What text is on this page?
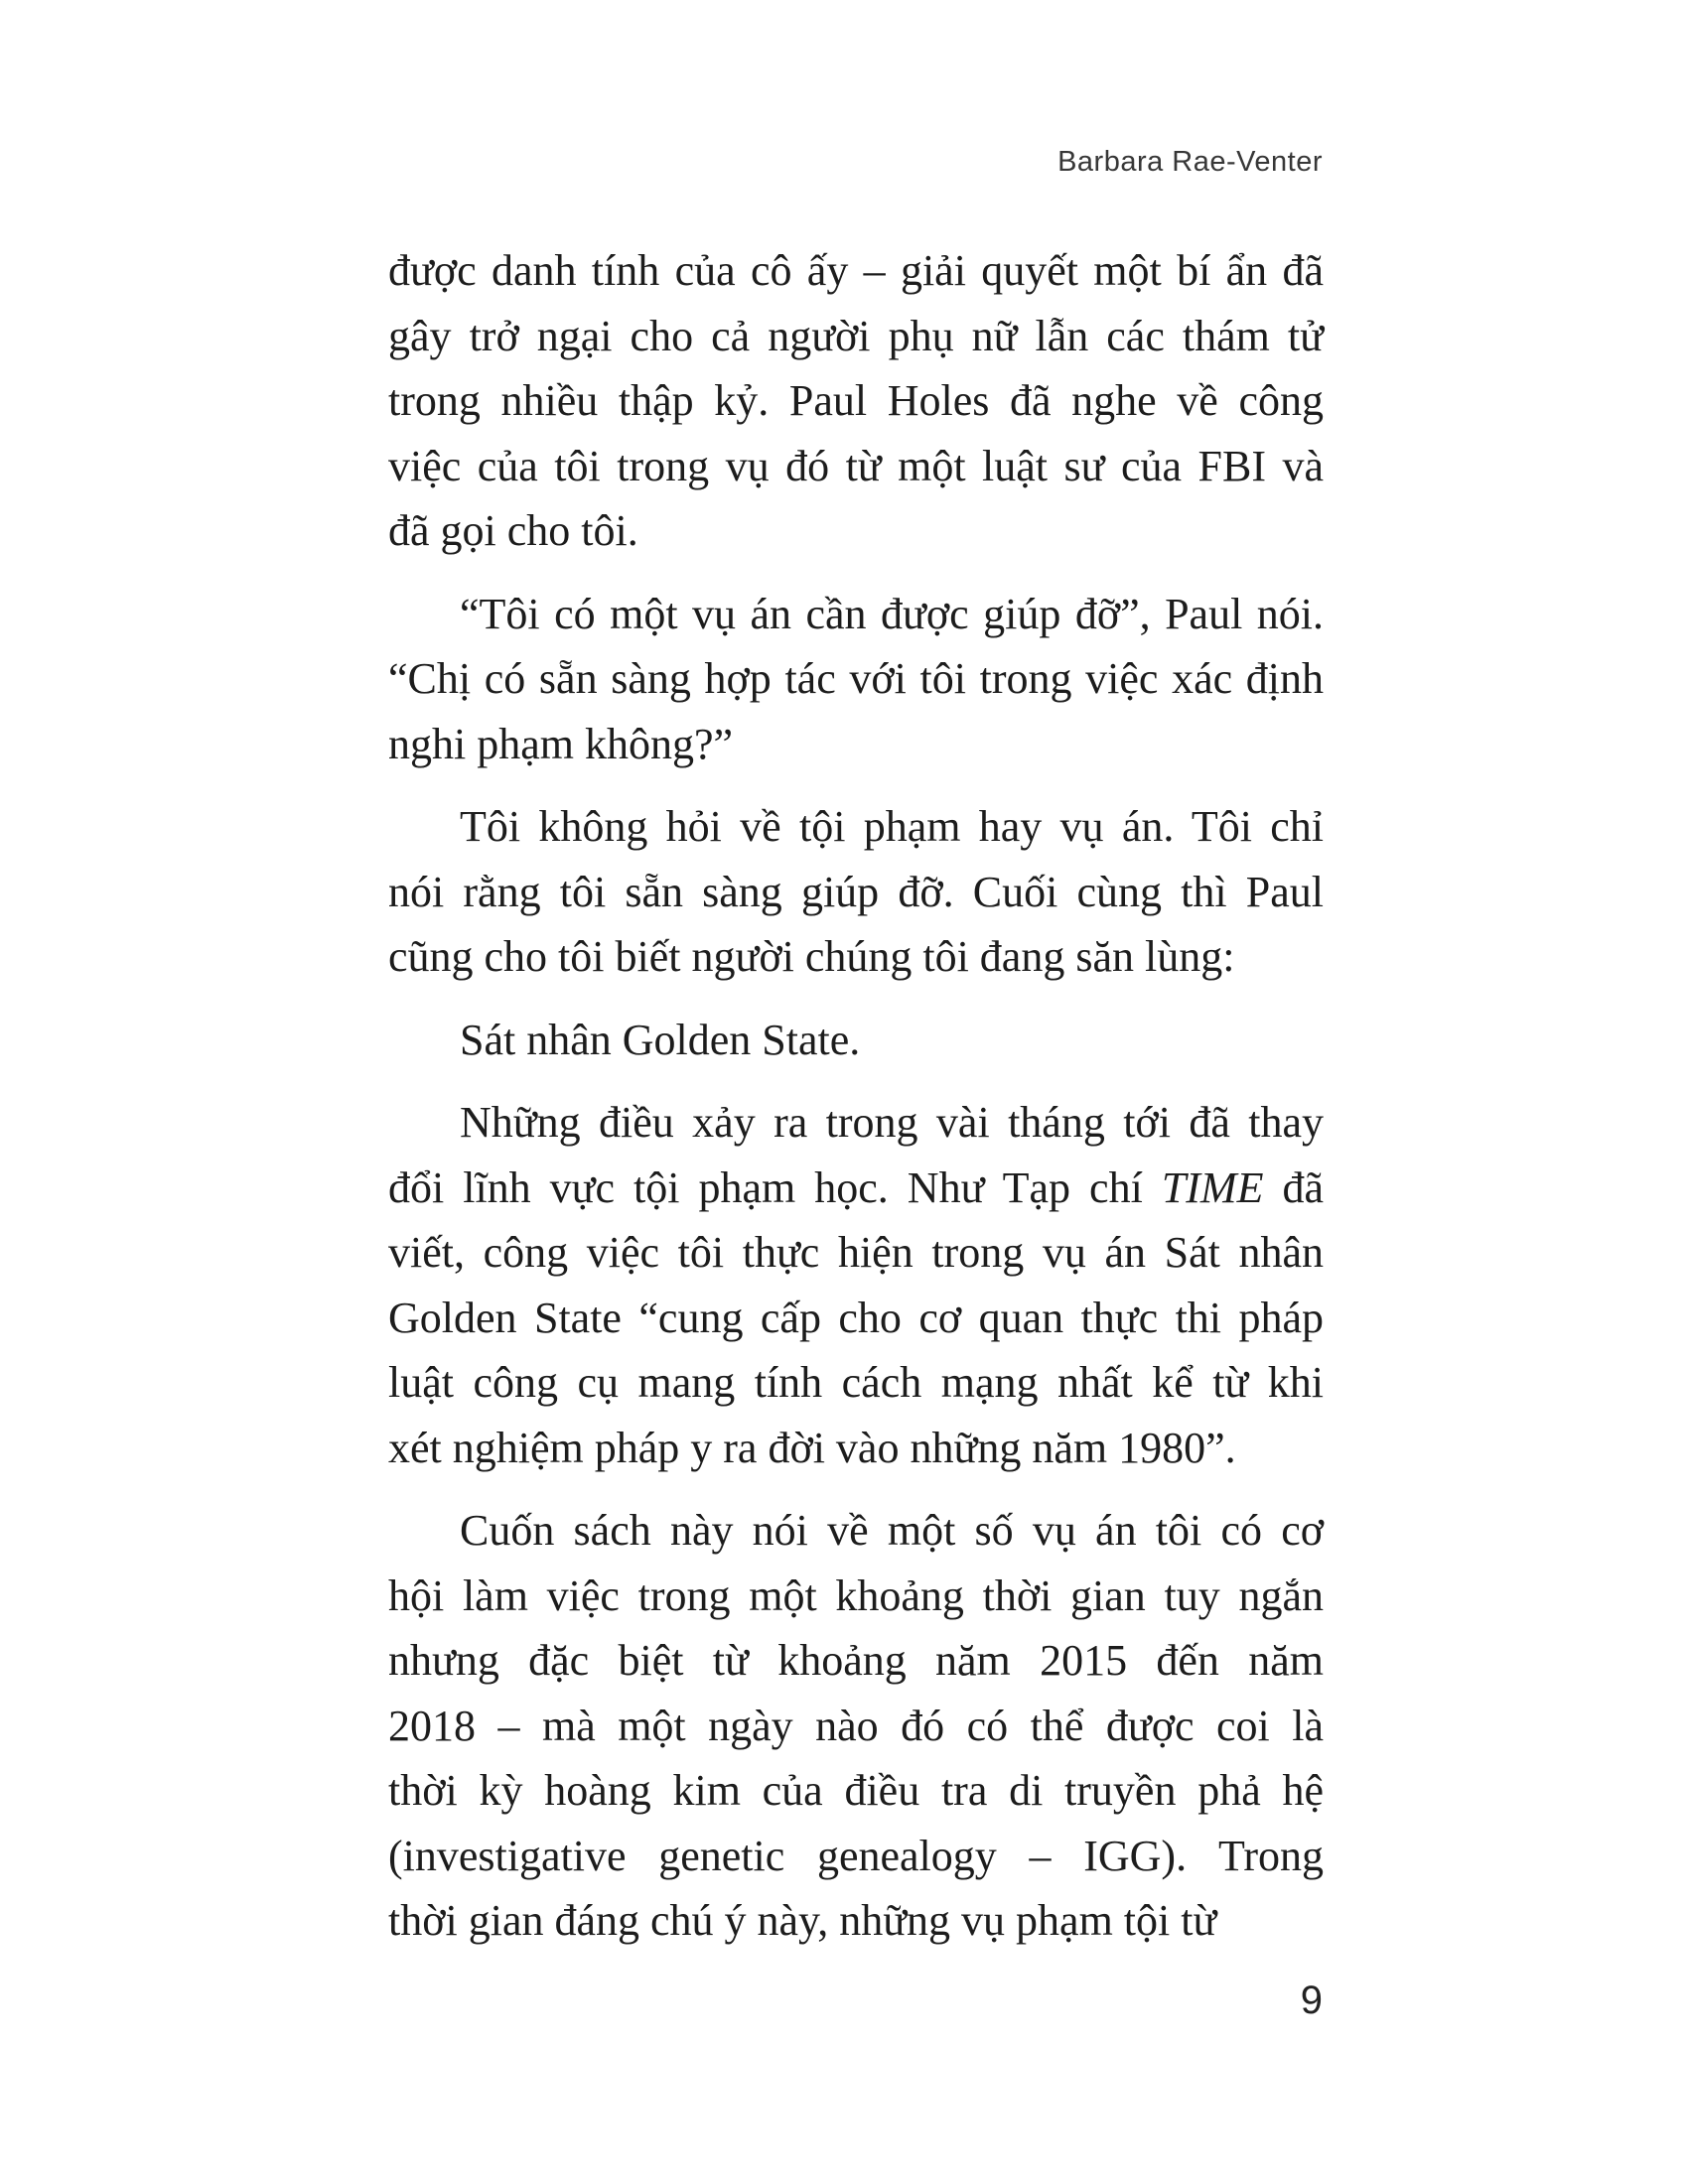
Barbara Rae-Venter
được danh tính của cô ấy – giải quyết một bí ẩn đã
gây trở ngại cho cả người phụ nữ lẫn các thám tử
trong nhiều thập kỷ. Paul Holes đã nghe về công
việc của tôi trong vụ đó từ một luật sư của FBI và
đã gọi cho tôi.
“Tôi có một vụ án cần được giúp đỡ”, Paul nói.
“Chị có sẵn sàng hợp tác với tôi trong việc xác định
nghi phạm không?”
Tôi không hỏi về tội phạm hay vụ án. Tôi chỉ
nói rằng tôi sẵn sàng giúp đỡ. Cuối cùng thì Paul
cũng cho tôi biết người chúng tôi đang săn lùng:
Sát nhân Golden State.
Những điều xảy ra trong vài tháng tới đã thay
đổi lĩnh vực tội phạm học. Như Tạp chí TIME đã
viết, công việc tôi thực hiện trong vụ án Sát nhân
Golden State “cung cấp cho cơ quan thực thi pháp
luật công cụ mang tính cách mạng nhất kể từ khi
xét nghiệm pháp y ra đời vào những năm 1980”.
Cuốn sách này nói về một số vụ án tôi có cơ
hội làm việc trong một khoảng thời gian tuy ngắn
nhưng đặc biệt từ khoảng năm 2015 đến năm
2018 – mà một ngày nào đó có thể được coi là
thời kỳ hoàng kim của điều tra di truyền phả hệ
(investigative genetic genealogy – IGG). Trong
thời gian đáng chú ý này, những vụ phạm tội từ
9
